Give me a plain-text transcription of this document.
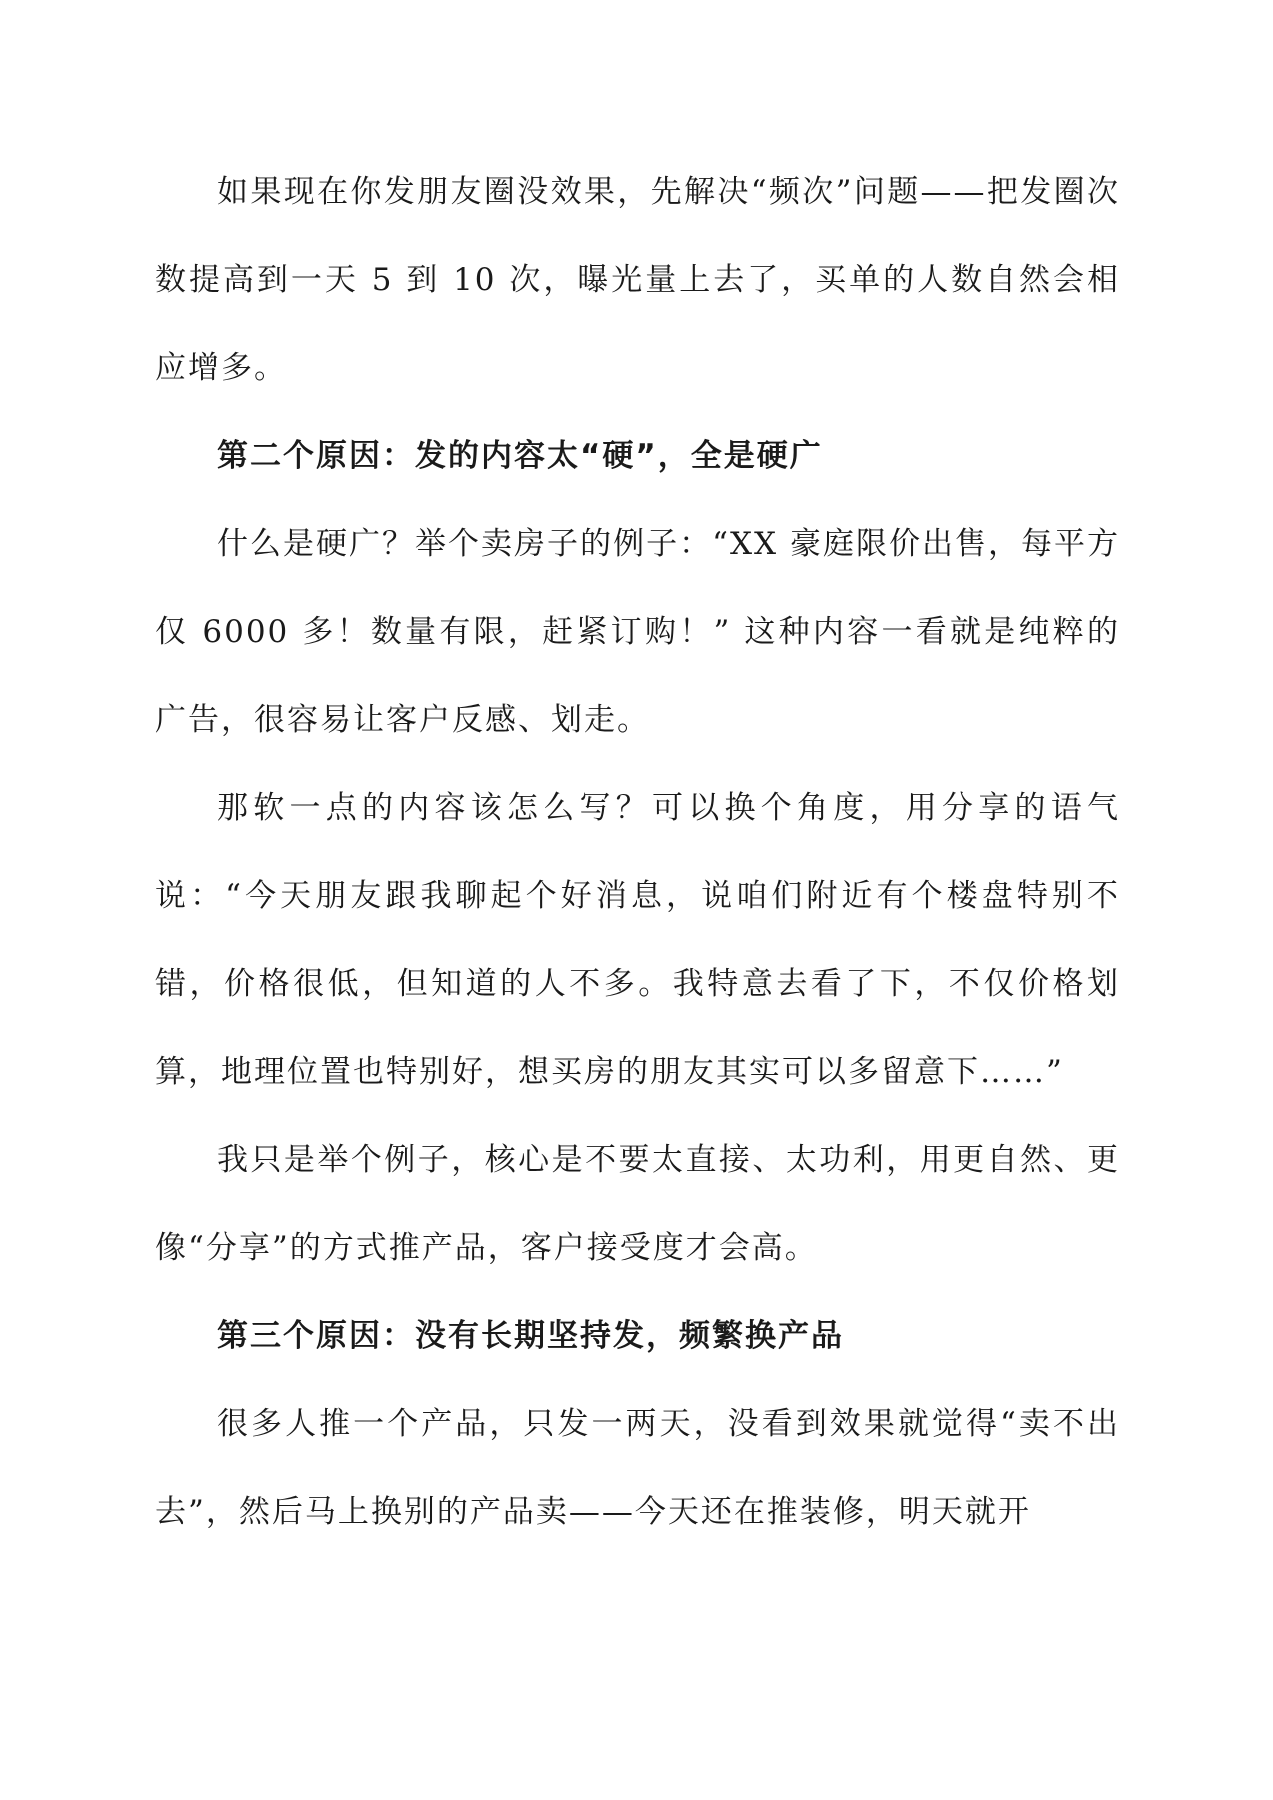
如果现在你发朋友圈没效果，先解决“频次”问题——把发圈次数提高到一天 5 到 10 次，曝光量上去了，买单的人数自然会相应增多。

第二个原因：发的内容太“硬”，全是硬广

什么是硬广？举个卖房子的例子：“XX 豪庭限价出售，每平方仅 6000 多！数量有限，赶紧订购！” 这种内容一看就是纯粹的广告，很容易让客户反感、划走。

那软一点的内容该怎么写？可以换个角度，用分享的语气说：“今天朋友跟我聊起个好消息，说咱们附近有个楼盘特别不错，价格很低，但知道的人不多。我特意去看了下，不仅价格划算，地理位置也特别好，想买房的朋友其实可以多留意下……”

我只是举个例子，核心是不要太直接、太功利，用更自然、更像“分享”的方式推产品，客户接受度才会高。

第三个原因：没有长期坚持发，频繁换产品

很多人推一个产品，只发一两天，没看到效果就觉得“卖不出去”，然后马上换别的产品卖——今天还在推装修，明天就开
